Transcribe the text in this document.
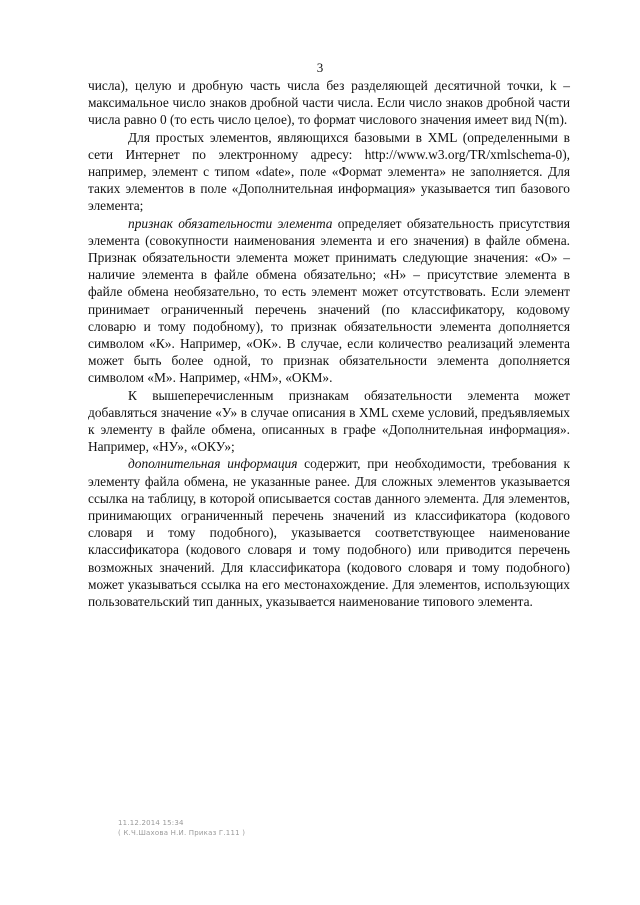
3

числа), целую и дробную часть числа без разделяющей десятичной точки, k – максимальное число знаков дробной части числа. Если число знаков дробной части числа равно 0 (то есть число целое), то формат числового значения имеет вид N(m).

Для простых элементов, являющихся базовыми в XML (определенными в сети Интернет по электронному адресу: http://www.w3.org/TR/xmlschema-0), например, элемент с типом «date», поле «Формат элемента» не заполняется. Для таких элементов в поле «Дополнительная информация» указывается тип базового элемента;

признак обязательности элемента определяет обязательность присутствия элемента (совокупности наименования элемента и его значения) в файле обмена. Признак обязательности элемента может принимать следующие значения: «О» – наличие элемента в файле обмена обязательно; «Н» – присутствие элемента в файле обмена необязательно, то есть элемент может отсутствовать. Если элемент принимает ограниченный перечень значений (по классификатору, кодовому словарю и тому подобному), то признак обязательности элемента дополняется символом «К». Например, «ОК». В случае, если количество реализаций элемента может быть более одной, то признак обязательности элемента дополняется символом «М». Например, «НМ», «ОКМ».

К вышеперечисленным признакам обязательности элемента может добавляться значение «У» в случае описания в XML схеме условий, предъявляемых к элементу в файле обмена, описанных в графе «Дополнительная информация». Например, «НУ», «ОКУ»;

дополнительная информация содержит, при необходимости, требования к элементу файла обмена, не указанные ранее. Для сложных элементов указывается ссылка на таблицу, в которой описывается состав данного элемента. Для элементов, принимающих ограниченный перечень значений из классификатора (кодового словаря и тому подобного), указывается соответствующее наименование классификатора (кодового словаря и тому подобного) или приводится перечень возможных значений. Для классификатора (кодового словаря и тому подобного) может указываться ссылка на его местонахождение. Для элементов, использующих пользовательский тип данных, указывается наименование типового элемента.

11.12.2014 15:34
( К.Ч.Шахова Н.И. Приказ Г.111 )
